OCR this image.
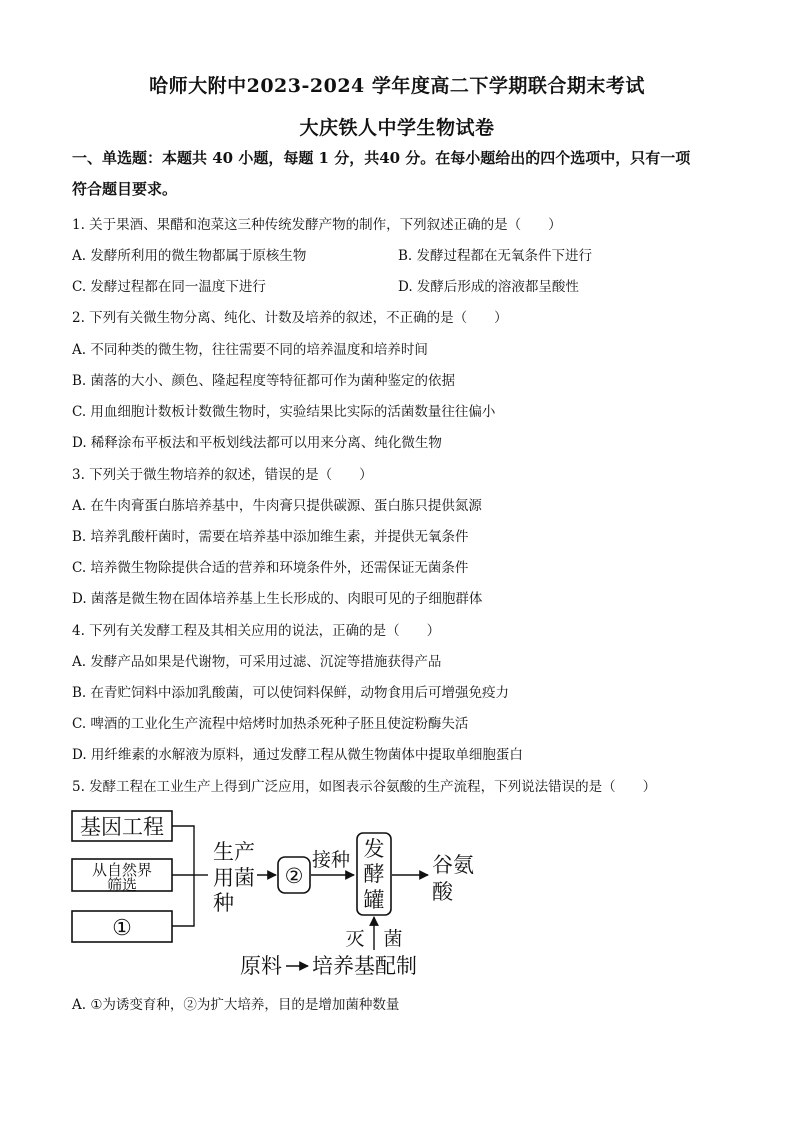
哈师大附中2023-2024 学年度高二下学期联合期末考试
大庆铁人中学生物试卷
一、单选题：本题共 40 小题，每题 1 分，共40 分。在每小题给出的四个选项中，只有一项
符合题目要求。
1. 关于果酒、果醋和泡菜这三种传统发酵产物的制作，下列叙述正确的是（　　）
A. 发酵所利用的微生物都属于原核生物	B. 发酵过程都在无氧条件下进行
C. 发酵过程都在同一温度下进行	D. 发酵后形成的溶液都呈酸性
2. 下列有关微生物分离、纯化、计数及培养的叙述，不正确的是（　　）
A. 不同种类的微生物，往往需要不同的培养温度和培养时间
B. 菌落的大小、颜色、隆起程度等特征都可作为菌种鉴定的依据
C. 用血细胞计数板计数微生物时，实验结果比实际的活菌数量往往偏小
D. 稀释涂布平板法和平板划线法都可以用来分离、纯化微生物
3. 下列关于微生物培养的叙述，错误的是（　　）
A. 在牛肉膏蛋白胨培养基中，牛肉膏只提供碳源、蛋白胨只提供氮源
B. 培养乳酸杆菌时，需要在培养基中添加维生素，并提供无氧条件
C. 培养微生物除提供合适的营养和环境条件外，还需保证无菌条件
D. 菌落是微生物在固体培养基上生长形成的、肉眼可见的子细胞群体
4. 下列有关发酵工程及其相关应用的说法，正确的是（　　）
A. 发酵产品如果是代谢物，可采用过滤、沉淀等措施获得产品
B. 在青贮饲料中添加乳酸菌，可以使饲料保鲜，动物食用后可增强免疫力
C. 啤酒的工业化生产流程中焙烤时加热杀死种子胚且使淀粉酶失活
D. 用纤维素的水解液为原料，通过发酵工程从微生物菌体中提取单细胞蛋白
5. 发酵工程在工业生产上得到广泛应用，如图表示谷氨酸的生产流程，下列说法错误的是（　　）
基因工程
从自然界
筛选
①
生产
用菌
种
②
接种 发
酵
罐
谷氨
酸
灭　菌
原料 培养基配制
A. ①为诱变育种，②为扩大培养，目的是增加菌种数量
